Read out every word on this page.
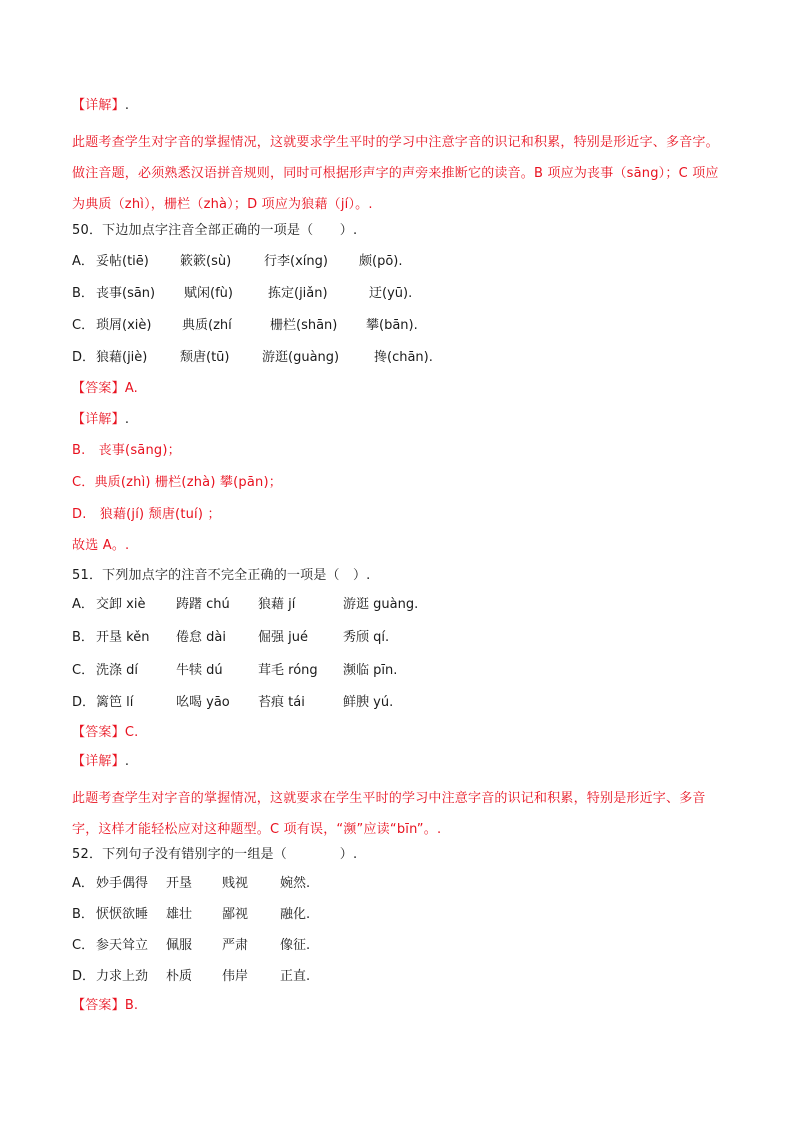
【详解】.
此题考查学生对字音的掌握情况，这就要求学生平时的学习中注意字音的识记和积累，特别是形近字、多音字。做注音题，必须熟悉汉语拼音规则，同时可根据形声字的声旁来推断它的读音。B 项应为丧事（sāng）；C 项应为典质（zhì），栅栏（zhà）；D 项应为狼藉（jí）。.
50．下边加点字注音全部正确的一项是（　　）.
A． 妥帖(tiē) 簌簌(sù)	行李(xíng) 颇(pō).
B． 丧事(sān) 赋闲(fù)	拣定(jiǎn)	迂(yū).
C． 琐屑(xiè) 典质(zhí	栅栏(shān) 攀(bān).
D． 狼藉(jiè)	颓唐(tū)	游逛(guàng)	搀(chān).
【答案】A.
【详解】.
B.　丧事(sāng)；
C．典质(zhì) 栅栏(zhà) 攀(pān)；
D.　狼藉(jí) 颓唐(tuí) ；
故选 A。.
51．下列加点字的注音不完全正确的一项是（　）.
A． 交卸 xiè 踌躇 chú 狼藉 jí	游逛 guàng.
B． 开垦 kěn 倦怠 dài 倔强 jué	秀颀 qí.
C． 洗涤 dí	牛犊 dú	茸毛 róng 濒临 pīn.
D． 篱笆 lí	吆喝 yāo 苔痕 tái	鲜腴 yú.
【答案】C.
【详解】.
此题考查学生对字音的掌握情况，这就要求在学生平时的学习中注意字音的识记和积累，特别是形近字、多音字，这样才能轻松应对这种题型。C 项有误，“濒”应读“bīn”。.
52．下列句子没有错别字的一组是（　　　　）.
A． 妙手偶得 开垦 贱视 婉然.
B． 恹恹欲睡 雄壮 鄙视 融化.
C． 参天耸立 佩服 严肃 像征.
D． 力求上劲 朴质 伟岸 正直.
【答案】B.
